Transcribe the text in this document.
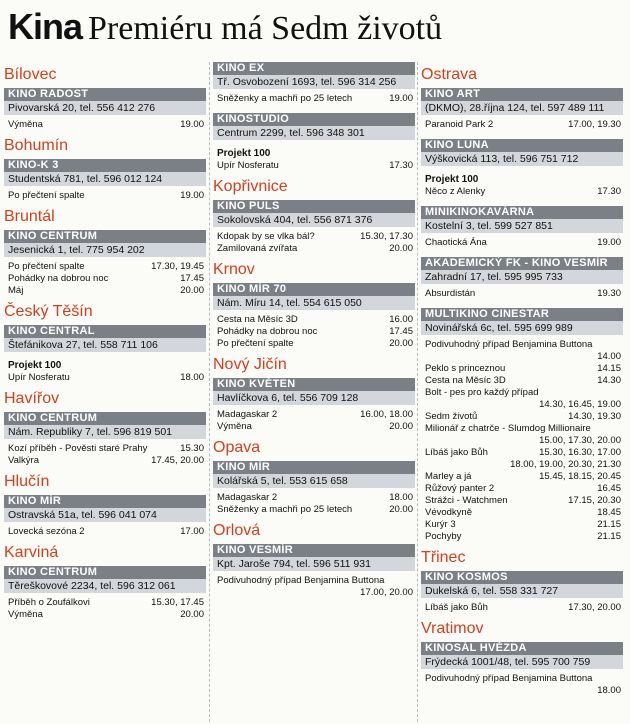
Kina Premiéru má Sedm životů
Bílovec
KINO RADOST
Pivovarská 20, tel. 556 412 276
Výměna	19.00
Bohumín
KINO-K 3
Studentská 781, tel. 596 012 124
Po přečtení spalte	19.00
Bruntál
KINO CENTRUM
Jesenická 1, tel. 775 954 202
Po přečtení spalte	17.30, 19.45
Pohádky na dobrou noc	17.45
Máj	20.00
Český Těšín
KINO CENTRAL
Štefánikova 27, tel. 558 711 106
Projekt 100
Upír Nosferatu	18.00
Havířov
KINO CENTRUM
Nám. Republiky 7, tel. 596 819 501
Kozí příběh - Pověsti staré Prahy	15.30
Valkýra	17.45, 20.00
Hlučín
KINO MÍR
Ostravská 51a, tel. 596 041 074
Lovecká sezóna 2	17.00
Karviná
KINO CENTRUM
Těreškovové 2234, tel. 596 312 061
Příběh o Zoufálkovi	15.30, 17.45
Výměna	20.00
KINO EX
Tř. Osvobození 1693, tel. 596 314 256
Sněženky a machři po 25 letech	19.00
KINOSTUDIO
Centrum 2299, tel. 596 348 301
Projekt 100
Upír Nosferatu	17.30
Kopřivnice
KINO PULS
Sokolovská 404, tel. 556 871 376
Kdopak by se vlka bál?	15.30, 17.30
Zamilovaná zvířata	20.00
Krnov
KINO MÍR 70
Nám. Míru 14, tel. 554 615 050
Cesta na Měsíc 3D	16.00
Pohádky na dobrou noc	17.45
Po přečtení spalte	20.00
Nový Jičín
KINO KVĚTEN
Havlíčkova 6, tel. 556 709 128
Madagaskar 2	16.00, 18.00
Výměna	20.00
Opava
KINO MÍR
Kolářská 5, tel. 553 615 658
Madagaskar 2	18.00
Sněženky a machři po 25 letech	20.00
Orlová
KINO VESMÍR
Kpt. Jaroše 794, tel. 596 511 931
Podivuhodný případ Benjamina Buttona
17.00, 20.00
Ostrava
KINO ART
(DKMO), 28.října 124, tel. 597 489 111
Paranoid Park 2	17.00, 19.30
KINO LUNA
Výškovická 113, tel. 596 751 712
Projekt 100
Něco z Alenky	17.30
MINIKINOKAVÁRNA
Kostelní 3, tel. 599 527 851
Chaotická Ána	19.00
AKADEMICKÝ FK - KINO VESMÍR
Zahradní 17, tel. 595 995 733
Absurdistán	19.30
MULTIKINO CINESTAR
Novinářská 6c, tel. 595 699 989
Podivuhodný případ Benjamina Buttona
14.00
Peklo s princeznou	14.15
Cesta na Měsíc 3D	14.30
Bolt - pes pro každý případ
14.30, 16.45, 19.00
Sedm životů	14.30, 19.30
Milionář z chatrče - Slumdog Millionaire
15.00, 17.30, 20.00
Líbáš jako Bůh	15.30, 16.30, 17.00
18.00, 19.00, 20.30, 21.30
Marley a já	15.45, 18.15, 20.45
Růžový panter 2	16.45
Strážci - Watchmen	17.15, 20.30
Vévodkyně	18.45
Kurýr 3	21.15
Pochyby	21.15
Třinec
KINO KOSMOS
Dukelská 6, tel. 558 331 727
Líbáš jako Bůh	17.30, 20.00
Vratimov
KINOSÁL HVĚZDA
Frýdecká 1001/48, tel. 595 700 759
Podivuhodný případ Benjamina Buttona
18.00
